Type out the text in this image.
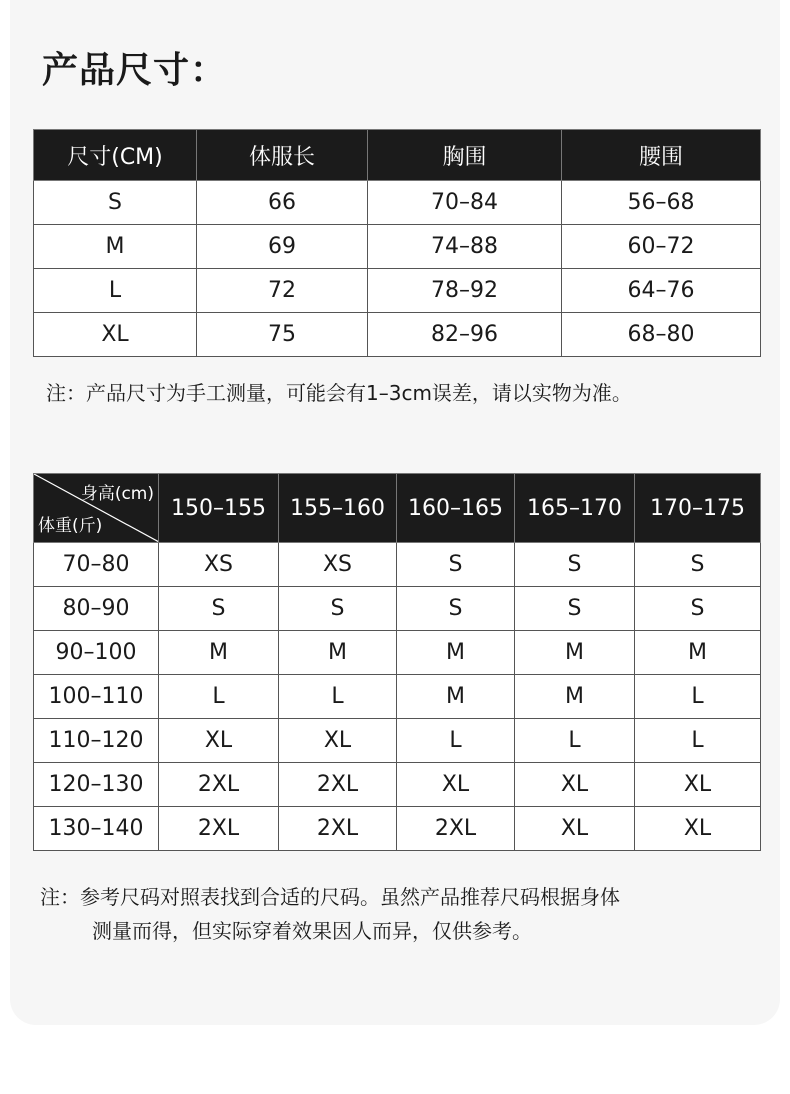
产品尺寸：
尺寸(CM)	体服长	胸围	腰围
S	66	70–84	56–68
M	69	74–88	60–72
L	72	78–92	64–76
XL	75	82–96	68–80
注：产品尺寸为手工测量，可能会有1–3cm误差，请以实物为准。
身高(cm)
体重(斤)	150–155	155–160	160–165	165–170	170–175
70–80	XS	XS	S	S	S
80–90	S	S	S	S	S
90–100	M	M	M	M	M
100–110	L	L	M	M	L
110–120	XL	XL	L	L	L
120–130	2XL	2XL	XL	XL	XL
130–140	2XL	2XL	2XL	XL	XL
注：参考尺码对照表找到合适的尺码。虽然产品推荐尺码根据身体
测量而得，但实际穿着效果因人而异，仅供参考。
